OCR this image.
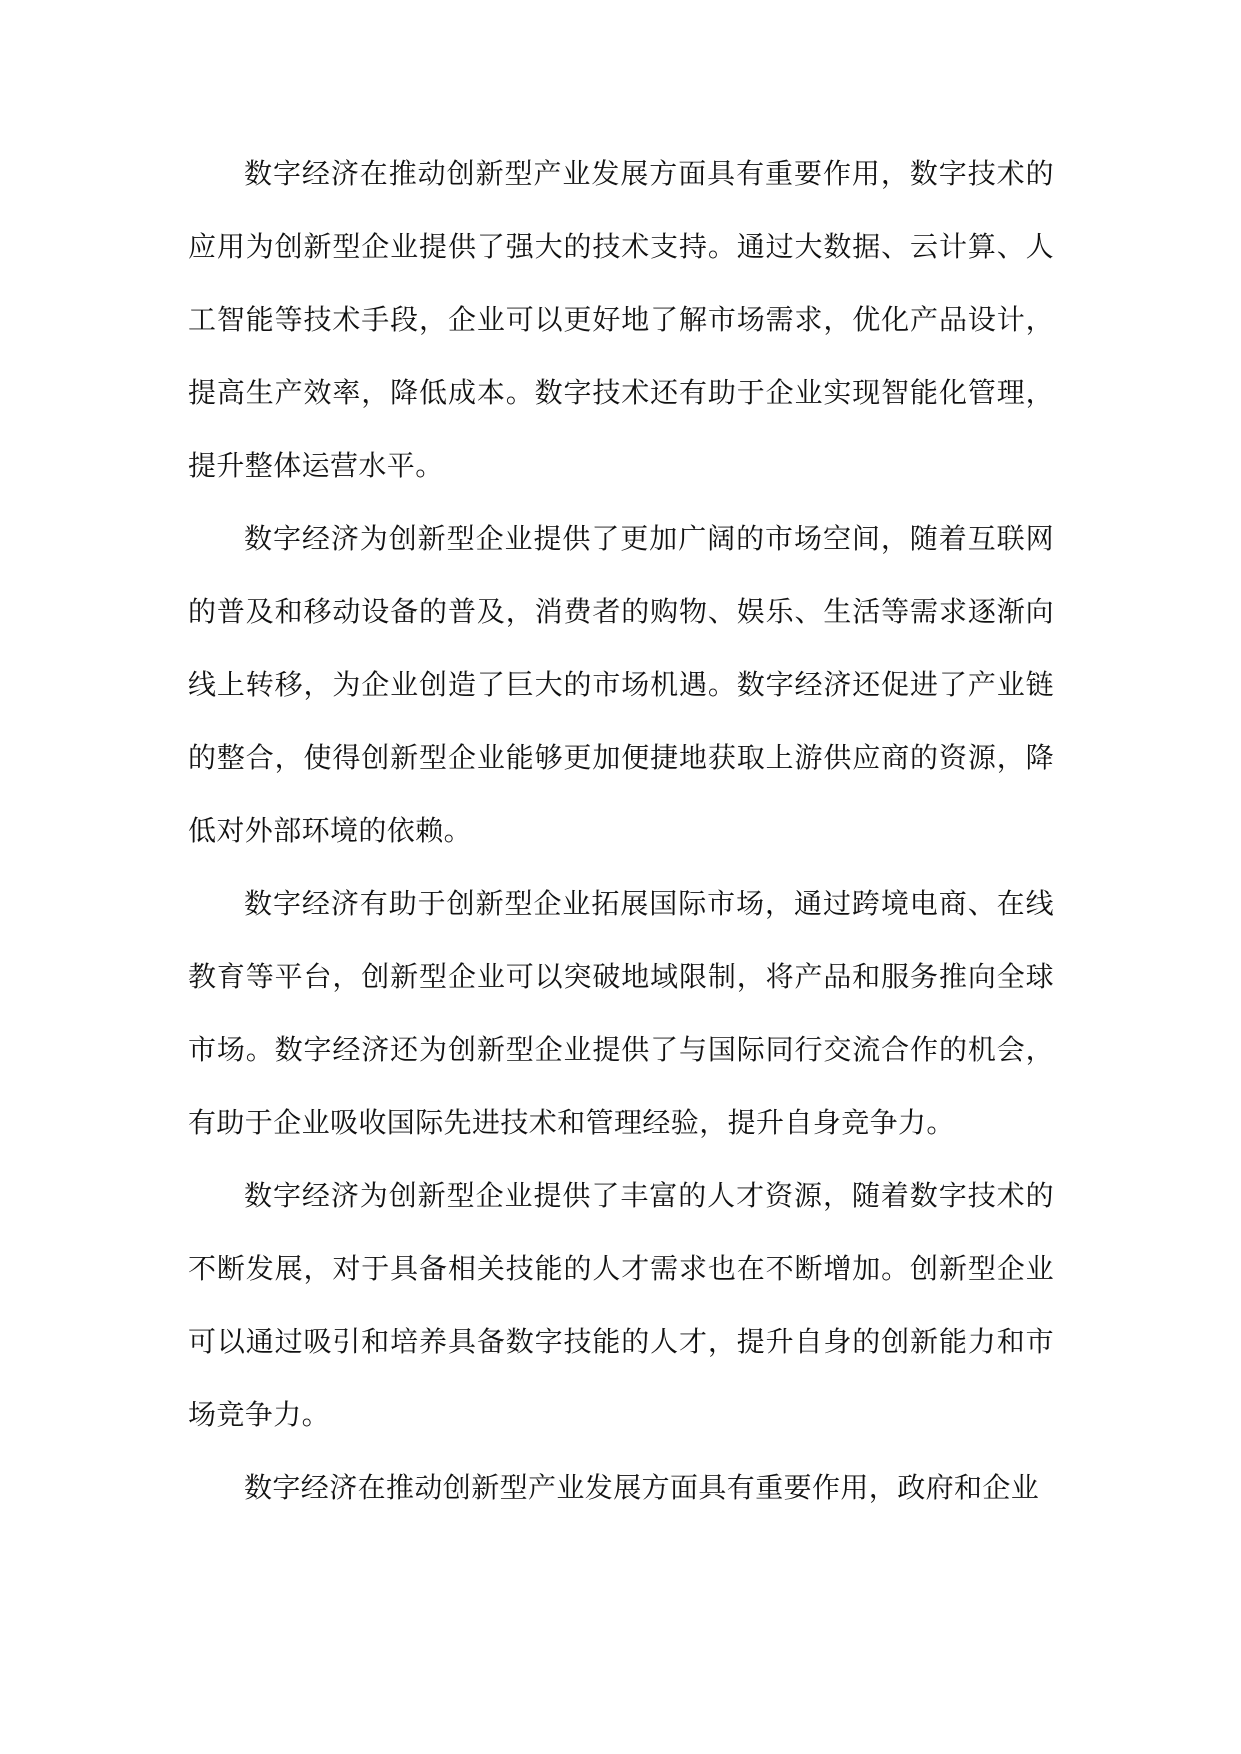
数字经济在推动创新型产业发展方面具有重要作用，数字技术的应用为创新型企业提供了强大的技术支持。通过大数据、云计算、人工智能等技术手段，企业可以更好地了解市场需求，优化产品设计，提高生产效率，降低成本。数字技术还有助于企业实现智能化管理，提升整体运营水平。

数字经济为创新型企业提供了更加广阔的市场空间，随着互联网的普及和移动设备的普及，消费者的购物、娱乐、生活等需求逐渐向线上转移，为企业创造了巨大的市场机遇。数字经济还促进了产业链的整合，使得创新型企业能够更加便捷地获取上游供应商的资源，降低对外部环境的依赖。

数字经济有助于创新型企业拓展国际市场，通过跨境电商、在线教育等平台，创新型企业可以突破地域限制，将产品和服务推向全球市场。数字经济还为创新型企业提供了与国际同行交流合作的机会，有助于企业吸收国际先进技术和管理经验，提升自身竞争力。

数字经济为创新型企业提供了丰富的人才资源，随着数字技术的不断发展，对于具备相关技能的人才需求也在不断增加。创新型企业可以通过吸引和培养具备数字技能的人才，提升自身的创新能力和市场竞争力。

数字经济在推动创新型产业发展方面具有重要作用，政府和企业
